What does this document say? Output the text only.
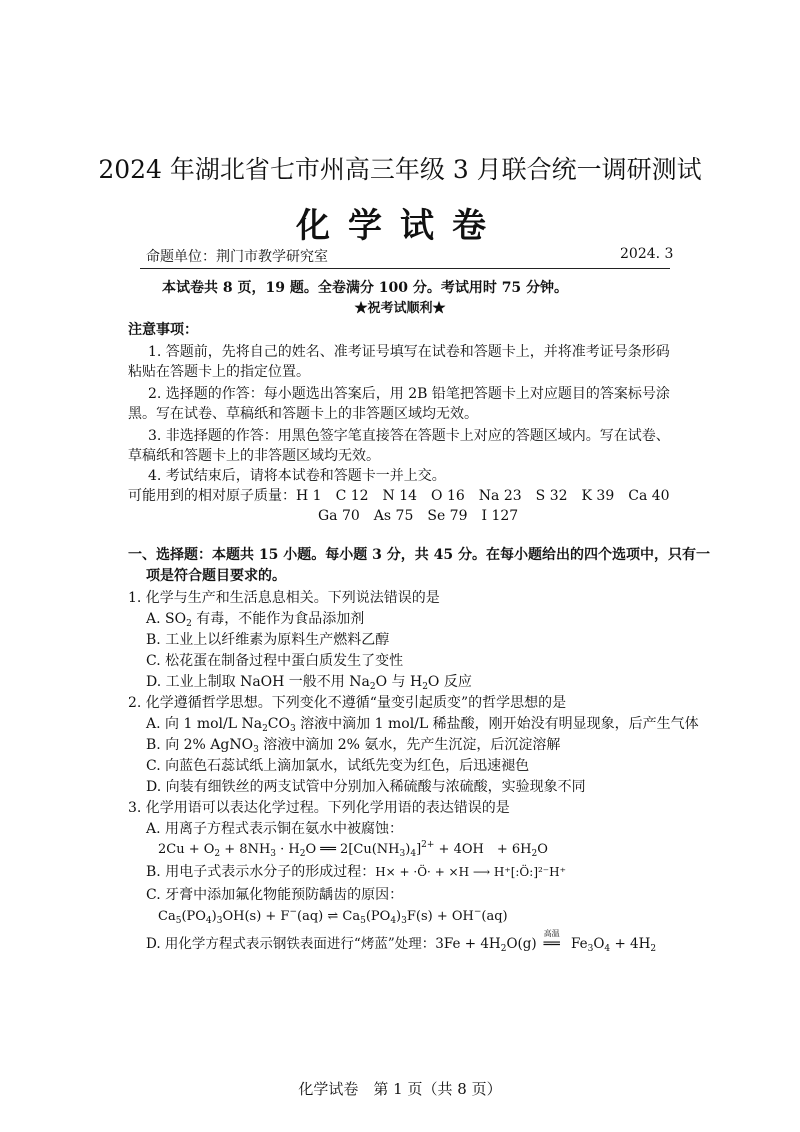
2024 年湖北省七市州高三年级 3 月联合统一调研测试
化学试卷
命题单位：荆门市教学研究室	2024. 3
本试卷共 8 页，19 题。全卷满分 100 分。考试用时 75 分钟。
★祝考试顺利★
注意事项：
1. 答题前，先将自己的姓名、准考证号填写在试卷和答题卡上，并将准考证号条形码
粘贴在答题卡上的指定位置。
2. 选择题的作答：每小题选出答案后，用 2B 铅笔把答题卡上对应题目的答案标号涂
黑。写在试卷、草稿纸和答题卡上的非答题区域均无效。
3. 非选择题的作答：用黑色签字笔直接答在答题卡上对应的答题区域内。写在试卷、
草稿纸和答题卡上的非答题区域均无效。
4. 考试结束后，请将本试卷和答题卡一并上交。
可能用到的相对原子质量：H 1　C 12　N 14　O 16　Na 23　S 32　K 39　Ca 40
Ga 70　As 75　Se 79　I 127
一、选择题：本题共 15 小题。每小题 3 分，共 45 分。在每小题给出的四个选项中，只有一
项是符合题目要求的。
1. 化学与生产和生活息息相关。下列说法错误的是
A. $SO_2$ 有毒，不能作为食品添加剂
B. 工业上以纤维素为原料生产燃料乙醇
C. 松花蛋在制备过程中蛋白质发生了变性
D. 工业上制取 NaOH 一般不用 $Na_2O$ 与 $H_2O$ 反应
2. 化学遵循哲学思想。下列变化不遵循“量变引起质变”的哲学思想的是
A. 向 1 mol/L $Na_2CO_3$ 溶液中滴加 1 mol/L 稀盐酸，刚开始没有明显现象，后产生气体
B. 向 2% AgNO$_3$ 溶液中滴加 2% 氨水，先产生沉淀，后沉淀溶解
C. 向蓝色石蕊试纸上滴加氯水，试纸先变为红色，后迅速褪色
D. 向装有细铁丝的两支试管中分别加入稀硫酸与浓硫酸，实验现象不同
3. 化学用语可以表达化学过程。下列化学用语的表达错误的是
A. 用离子方程式表示铜在氨水中被腐蚀：
$2Cu + O_2 + 8NH_3 \cdot H_2O$ ══ $2[Cu(NH_3)_4]^{2+} + 4OH$　+ $6H_2O$
B. 用电子式表示水分子的形成过程：H× + ·Ö· + ×H ⟶ H⁺[:Ö:]²⁻H⁺
C. 牙膏中添加氟化物能预防龋齿的原因：
$Ca_5(PO_4)_3OH(s) + F^-(aq)$ ⇌ $Ca_5(PO_4)_3F(s) + OH^-(aq)$
D. 用化学方程式表示钢铁表面进行“烤蓝”处理：$3Fe + 4H_2O(g)$
高温
══ $Fe_3O_4 + 4H_2$
化学试卷　第 1 页（共 8 页）
